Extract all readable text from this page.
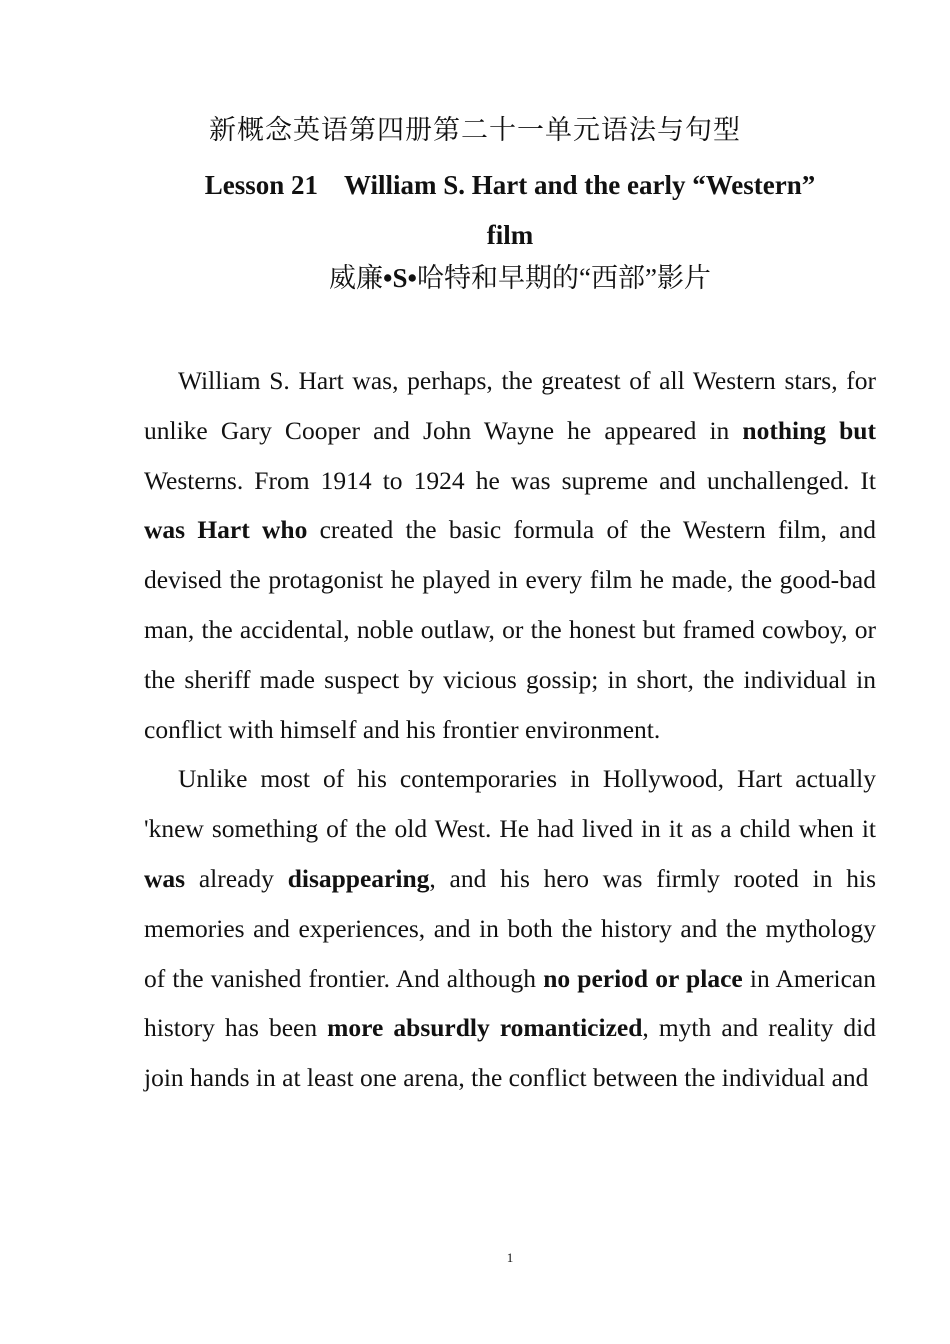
新概念英语第四册第二十一单元语法与句型
Lesson 21 William S. Hart and the early “Western”
film
威廉•S•哈特和早期的“西部”影片

William S. Hart was, perhaps, the greatest of all Western stars, for unlike Gary Cooper and John Wayne he appeared in nothing but Westerns. From 1914 to 1924 he was supreme and unchallenged. It was Hart who created the basic formula of the Western film, and devised the protagonist he played in every film he made, the good-bad man, the accidental, noble outlaw, or the honest but framed cowboy, or the sheriff made suspect by vicious gossip; in short, the individual in conflict with himself and his frontier environment.

Unlike most of his contemporaries in Hollywood, Hart actually 'knew something of the old West. He had lived in it as a child when it was already disappearing, and his hero was firmly rooted in his memories and experiences, and in both the history and the mythology of the vanished frontier. And although no period or place in American history has been more absurdly romanticized, myth and reality did join hands in at least one arena, the conflict between the individual and

1
